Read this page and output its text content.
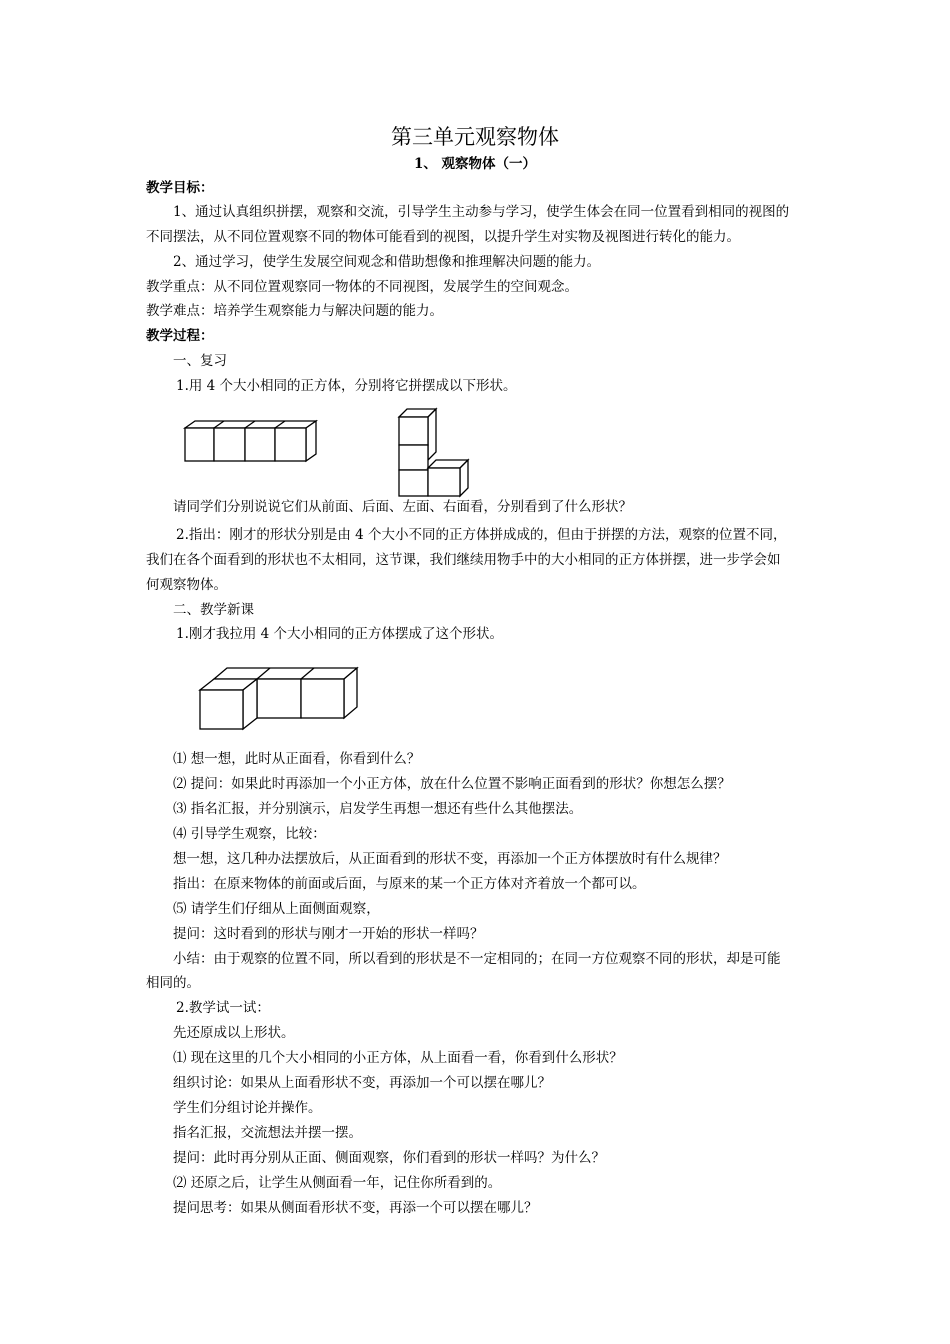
第三单元观察物体
1、 观察物体（一）
教学目标：
1、通过认真组织拼摆，观察和交流，引导学生主动参与学习，使学生体会在同一位置看到相同的视图的
不同摆法，从不同位置观察不同的物体可能看到的视图，以提升学生对实物及视图进行转化的能力。
2、通过学习，使学生发展空间观念和借助想像和推理解决问题的能力。
教学重点：从不同位置观察同一物体的不同视图，发展学生的空间观念。
教学难点：培养学生观察能力与解决问题的能力。
教学过程：
一、复习
1.用 4 个大小相同的正方体，分别将它拼摆成以下形状。
请同学们分别说说它们从前面、后面、左面、右面看，分别看到了什么形状？
2.指出：刚才的形状分别是由 4 个大小不同的正方体拼成成的，但由于拼摆的方法，观察的位置不同，
我们在各个面看到的形状也不太相同，这节课，我们继续用物手中的大小相同的正方体拼摆，进一步学会如
何观察物体。
二、教学新课
1.刚才我拉用 4 个大小相同的正方体摆成了这个形状。
⑴ 想一想，此时从正面看，你看到什么？
⑵ 提问：如果此时再添加一个小正方体，放在什么位置不影响正面看到的形状？你想怎么摆？
⑶ 指名汇报，并分别演示，启发学生再想一想还有些什么其他摆法。
⑷ 引导学生观察，比较：
想一想，这几种办法摆放后，从正面看到的形状不变，再添加一个正方体摆放时有什么规律？
指出：在原来物体的前面或后面，与原来的某一个正方体对齐着放一个都可以。
⑸ 请学生们仔细从上面侧面观察，
提问：这时看到的形状与刚才一开始的形状一样吗？
小结：由于观察的位置不同，所以看到的形状是不一定相同的；在同一方位观察不同的形状，却是可能
相同的。
2.教学试一试：
先还原成以上形状。
⑴ 现在这里的几个大小相同的小正方体，从上面看一看，你看到什么形状？
组织讨论：如果从上面看形状不变，再添加一个可以摆在哪儿？
学生们分组讨论并操作。
指名汇报，交流想法并摆一摆。
提问：此时再分别从正面、侧面观察，你们看到的形状一样吗？为什么？
⑵ 还原之后，让学生从侧面看一年，记住你所看到的。
提问思考：如果从侧面看形状不变，再添一个可以摆在哪儿？
